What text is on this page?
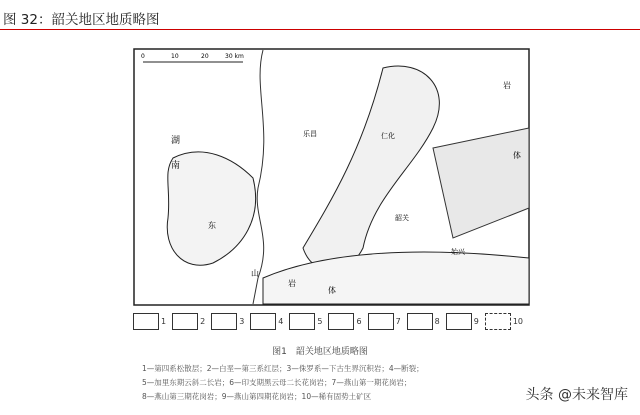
图 32：韶关地区地质略图
0	10	20	30 km
湖
南
东
山
岩
体
韶关
乐昌	仁化
始兴
岩
体
1	2	3	4	5	6	7	8	9	10
图1　韶关地区地质略图
1—第四系松散层；2—白垩—第三系红层；3—侏罗系—下古生界沉积岩；4—断裂；
5—加里东期云斜二长岩；6—印支期黑云母二长花岗岩；7—燕山第一期花岗岩；
8—燕山第三期花岗岩；9—燕山第四期花岗岩；10—稀有固势土矿区	头条 @未来智库
